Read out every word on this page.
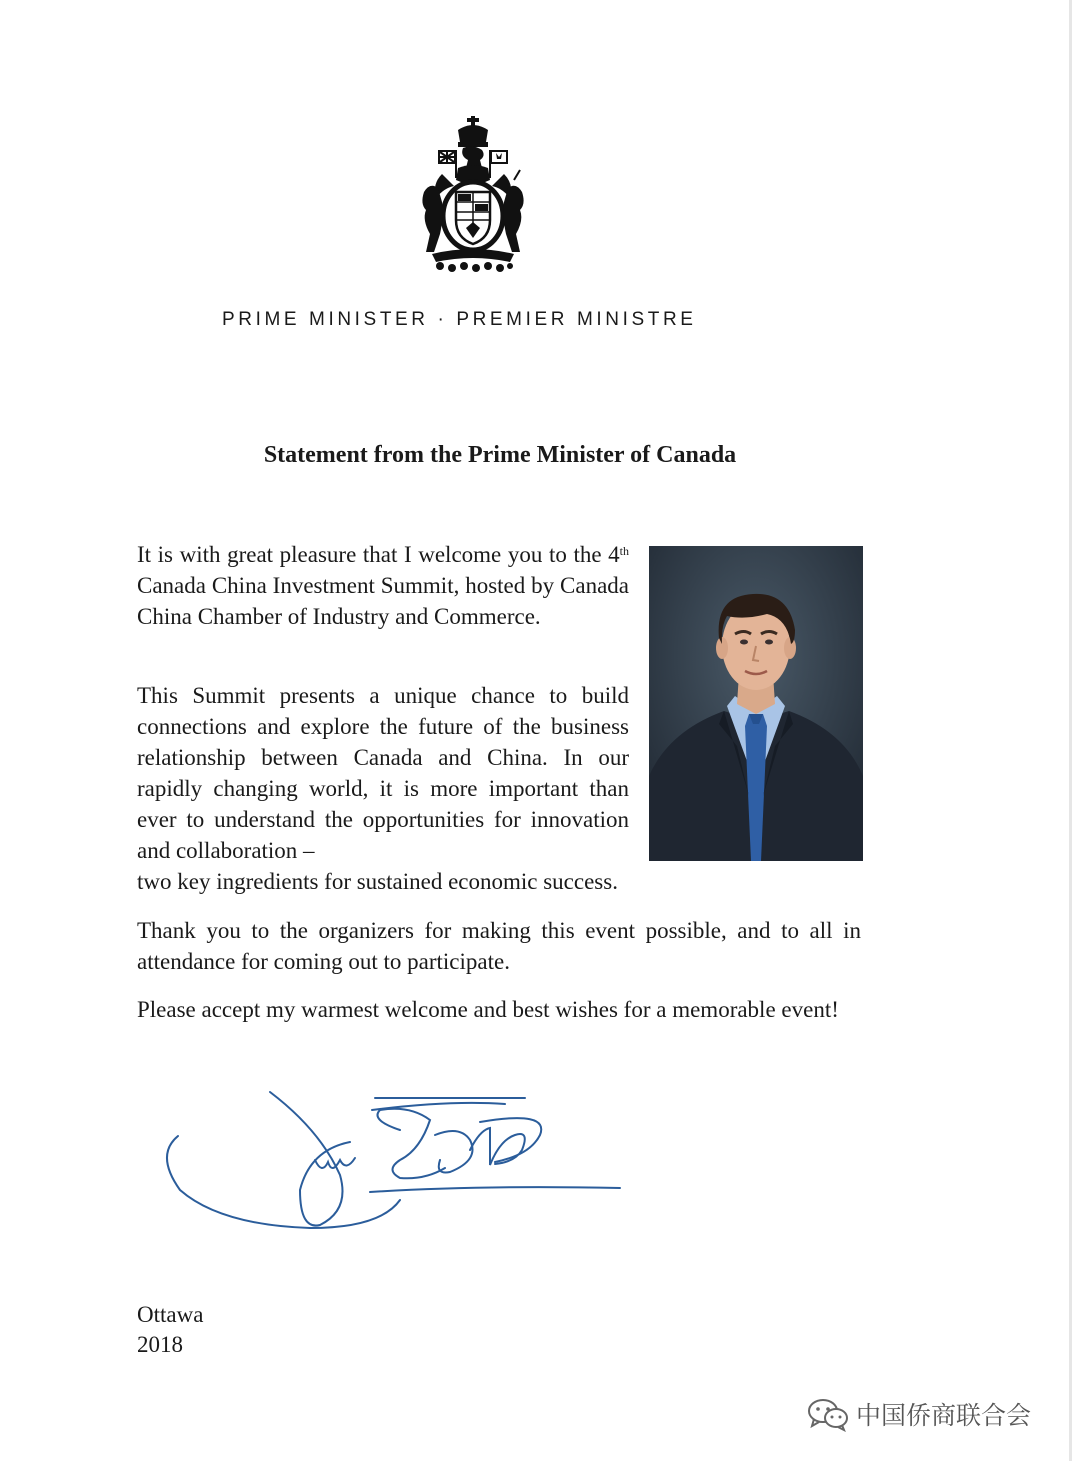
PRIME MINISTER · PREMIER MINISTRE
Statement from the Prime Minister of Canada

It is with great pleasure that I welcome you to the 4th Canada China Investment Summit, hosted by Canada China Chamber of Industry and Commerce.

This Summit presents a unique chance to build connections and explore the future of the business relationship between Canada and China. In our rapidly changing world, it is more important than ever to understand the opportunities for innovation and collaboration –

two key ingredients for sustained economic success.

Thank you to the organizers for making this event possible, and to all in attendance for coming out to participate.

Please accept my warmest welcome and best wishes for a memorable event!

Ottawa
2018
中国侨商联合会
